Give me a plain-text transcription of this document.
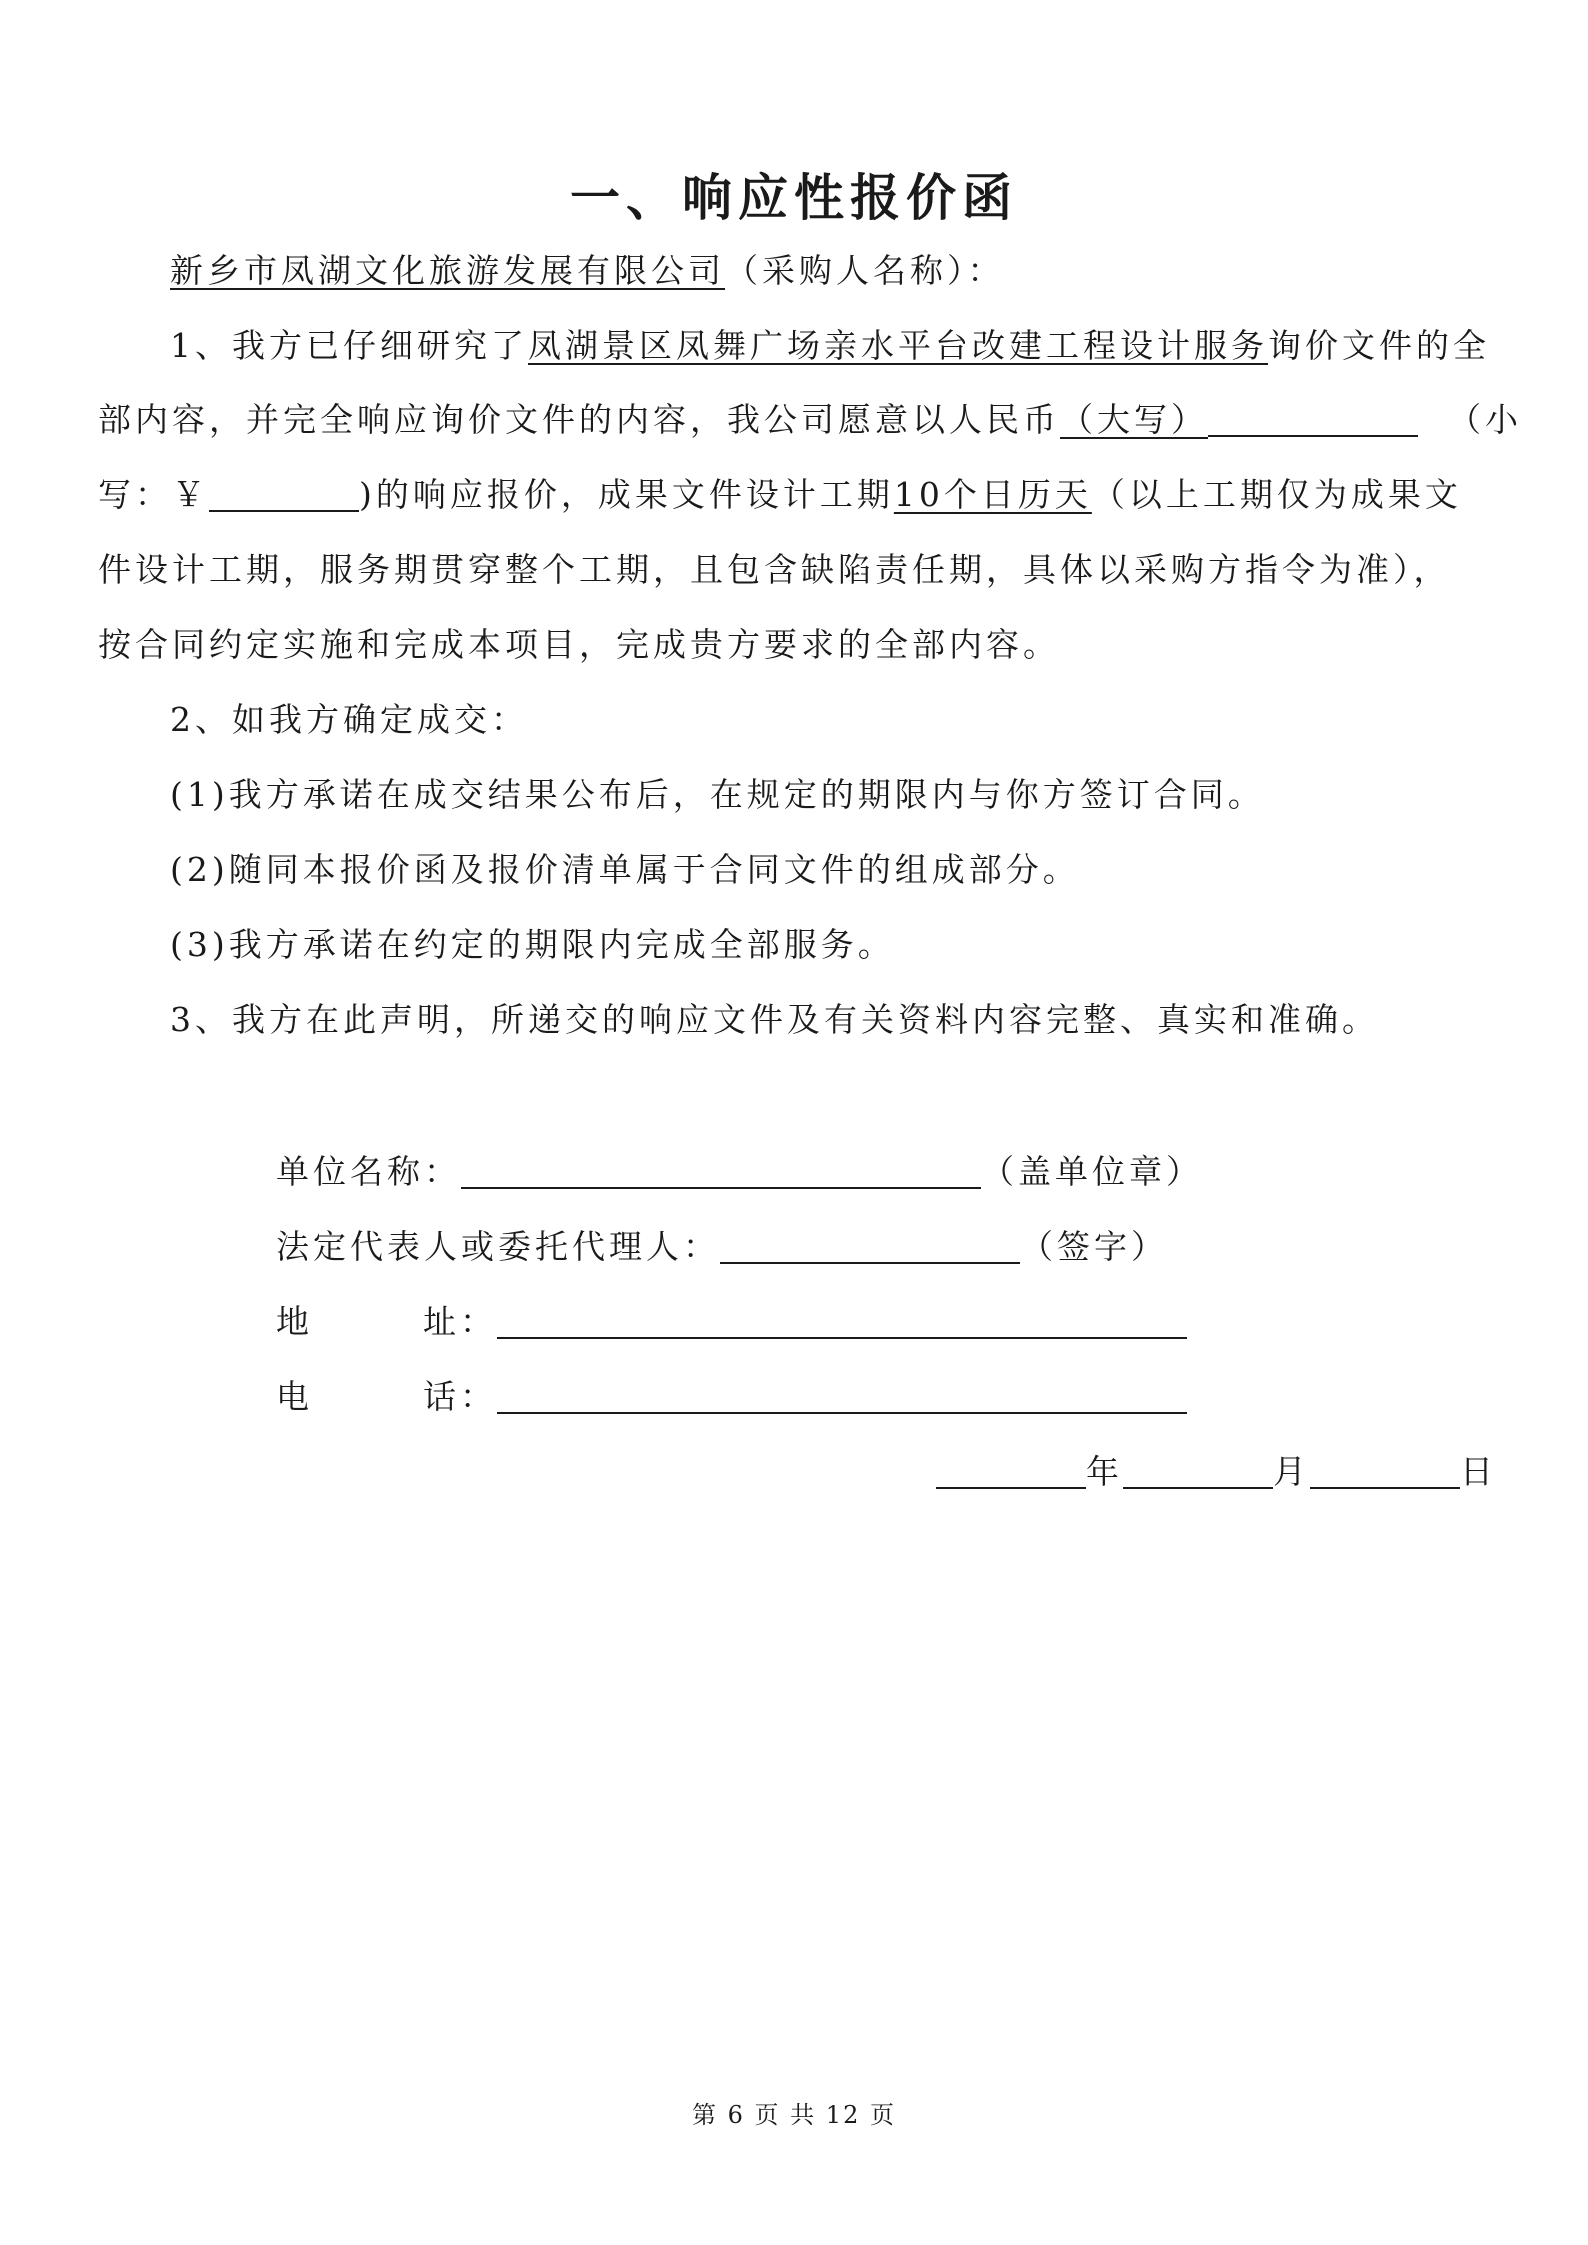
一、响应性报价函
新乡市凤湖文化旅游发展有限公司（采购人名称）：
1、我方已仔细研究了凤湖景区凤舞广场亲水平台改建工程设计服务询价文件的全
部内容，并完全响应询价文件的内容，我公司愿意以人民币（大写）	（小
写：￥	)的响应报价，成果文件设计工期10个日历天（以上工期仅为成果文
件设计工期，服务期贯穿整个工期，且包含缺陷责任期，具体以采购方指令为准），
按合同约定实施和完成本项目，完成贵方要求的全部内容。
2、如我方确定成交：
(1)我方承诺在成交结果公布后，在规定的期限内与你方签订合同。
(2)随同本报价函及报价清单属于合同文件的组成部分。
(3)我方承诺在约定的期限内完成全部服务。
3、我方在此声明，所递交的响应文件及有关资料内容完整、真实和准确。
单位名称：	（盖单位章）
法定代表人或委托代理人：	（签字）
地	址：
电	话：
年	月	日
第 6 页 共 12 页
